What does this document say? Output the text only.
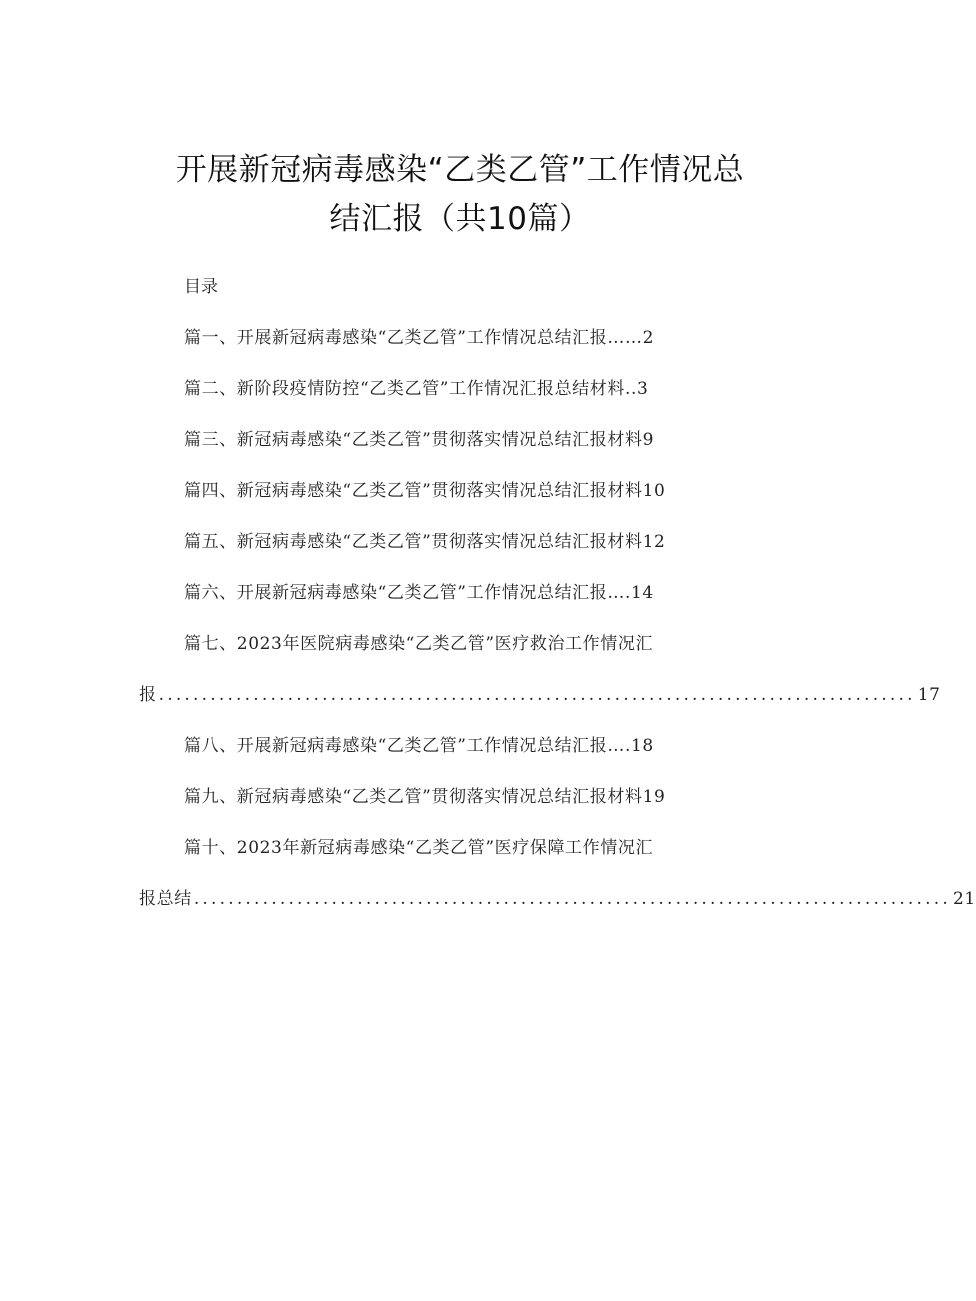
开展新冠病毒感染“乙类乙管”工作情况总
结汇报（共10篇）
目录
篇一、开展新冠病毒感染“乙类乙管”工作情况总结汇报……2
篇二、新阶段疫情防控“乙类乙管”工作情况汇报总结材料..3
篇三、新冠病毒感染“乙类乙管”贯彻落实情况总结汇报材料9
篇四、新冠病毒感染“乙类乙管”贯彻落实情况总结汇报材料10
篇五、新冠病毒感染“乙类乙管”贯彻落实情况总结汇报材料12
篇六、开展新冠病毒感染“乙类乙管”工作情况总结汇报….14
篇七、2023年医院病毒感染“乙类乙管”医疗救治工作情况汇
报 ........................................................................................ 17
篇八、开展新冠病毒感染“乙类乙管”工作情况总结汇报….18
篇九、新冠病毒感染“乙类乙管”贯彻落实情况总结汇报材料19
篇十、2023年新冠病毒感染“乙类乙管”医疗保障工作情况汇
报总结 ........................................................................................ 21
